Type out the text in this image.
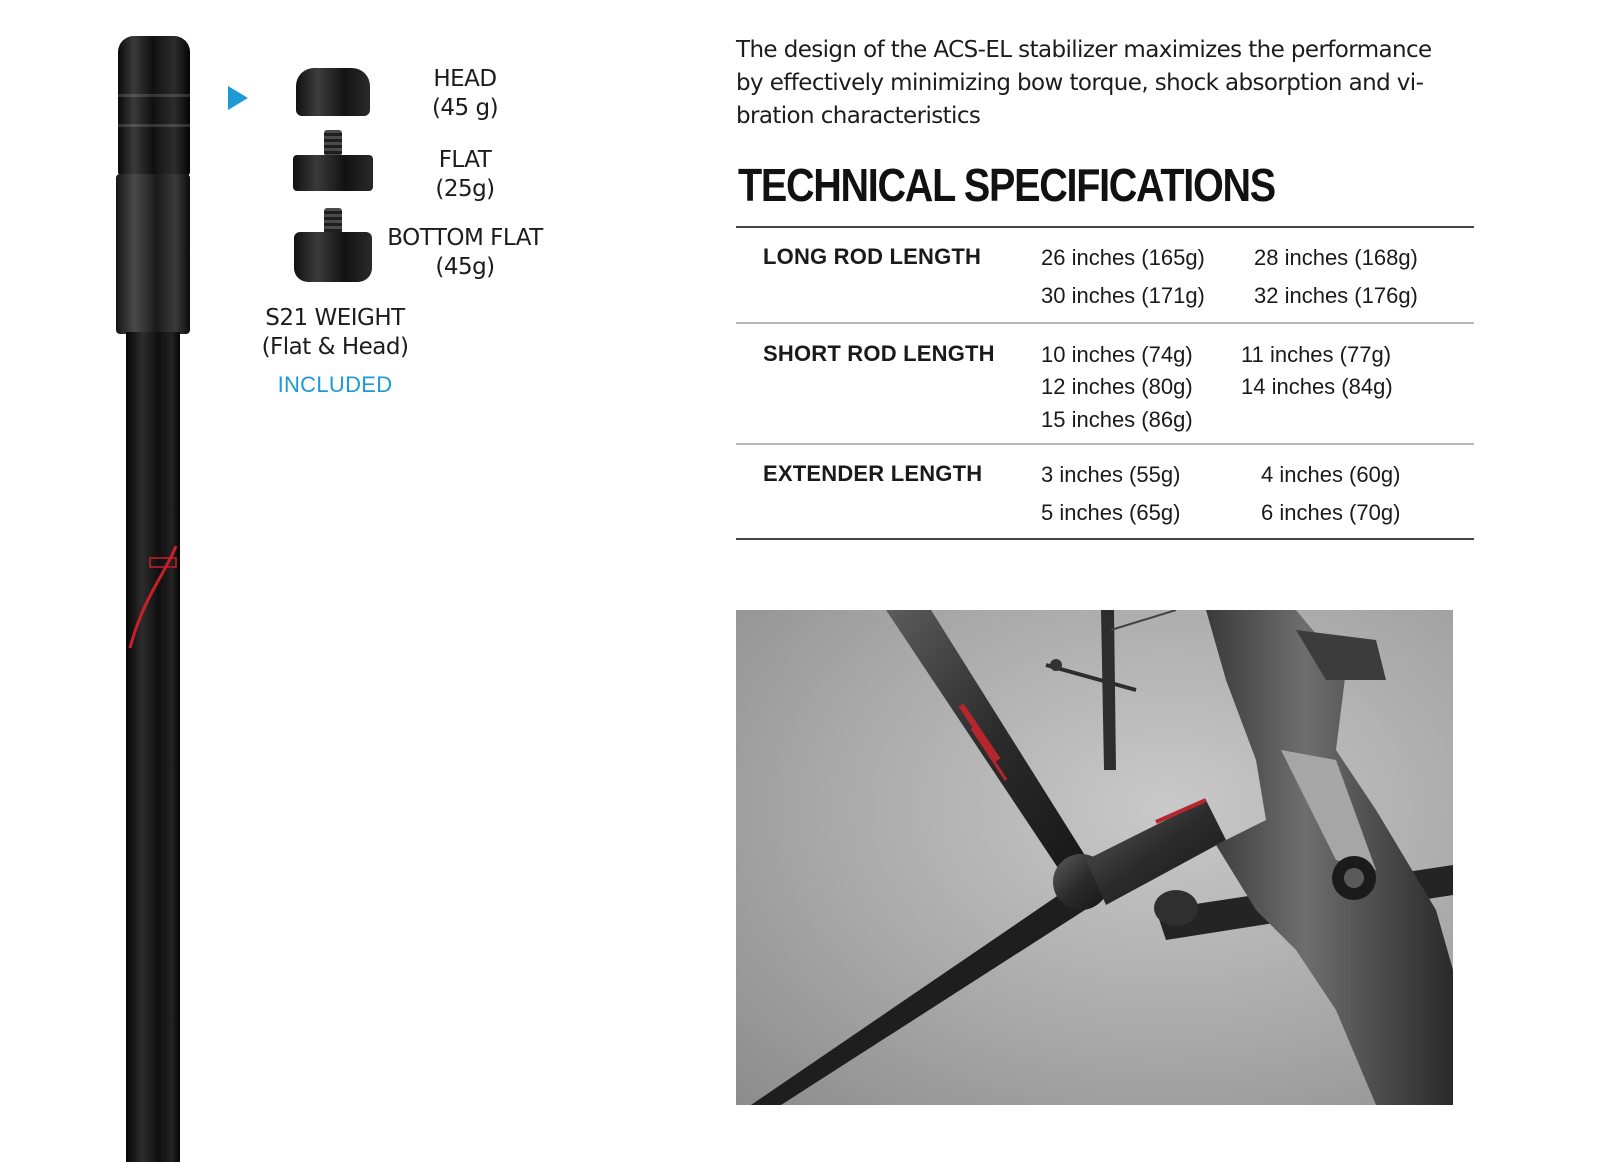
HEAD
(45 g)
FLAT
(25g)
BOTTOM FLAT
(45g)
S21 WEIGHT
(Flat & Head)
INCLUDED
The design of the ACS-EL stabilizer maximizes the performance
by effectively minimizing bow torque, shock absorption and vi-
bration characteristics
TECHNICAL SPECIFICATIONS
LONG ROD LENGTH	26 inches (165g) 28 inches (168g)
30 inches (171g) 32 inches (176g)
SHORT ROD LENGTH 10 inches (74g) 11 inches (77g)
12 inches (80g) 14 inches (84g)
15 inches (86g)
EXTENDER LENGTH	3 inches (55g)	4 inches (60g)
5 inches (65g)	6 inches (70g)
